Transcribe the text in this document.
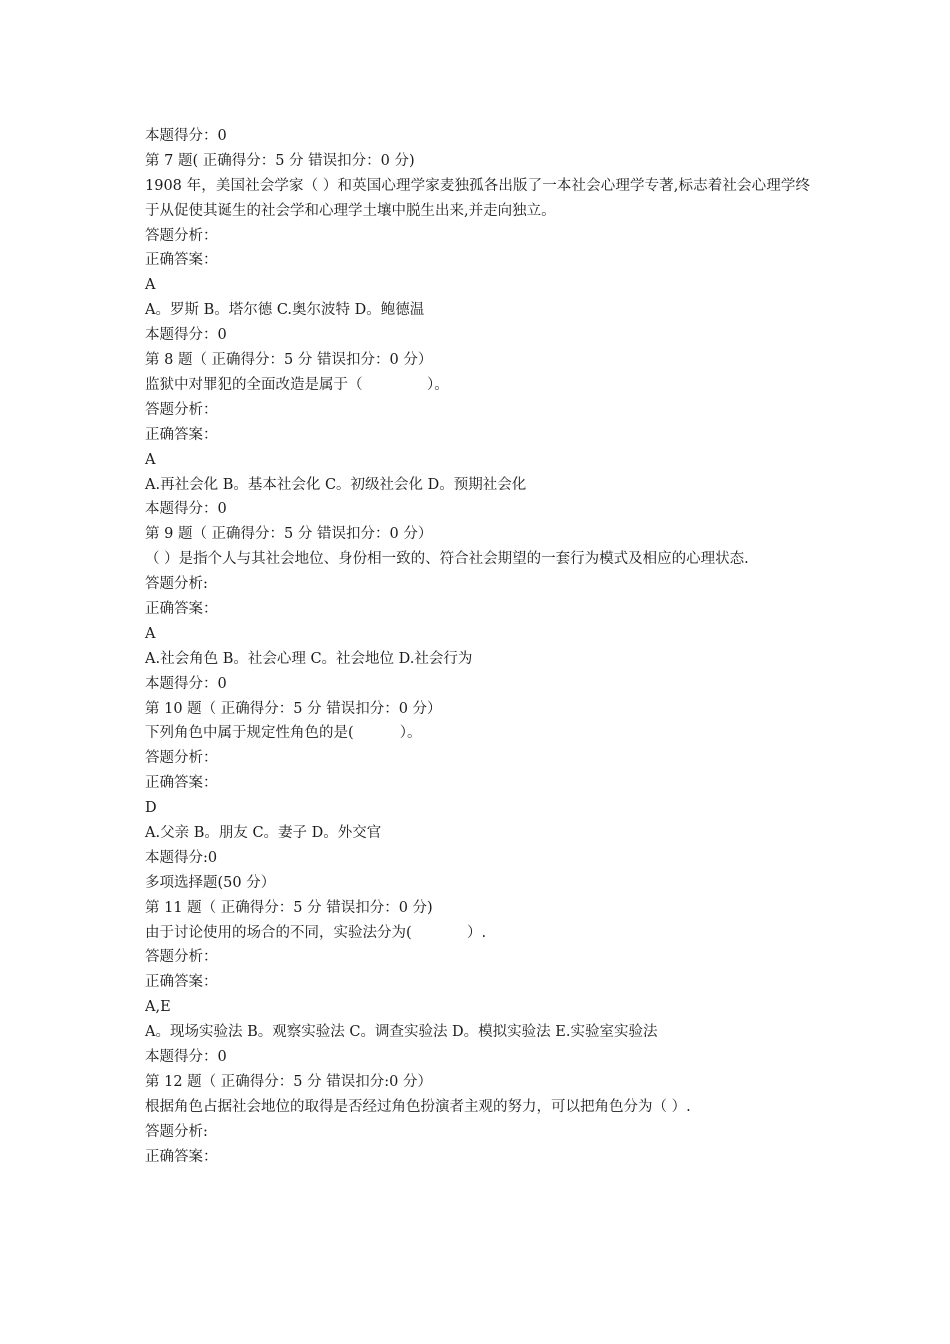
本题得分：0
第 7 题( 正确得分：5 分 错误扣分：0 分)
1908 年，美国社会学家（ ）和英国心理学家麦独孤各出版了一本社会心理学专著,标志着社会心理学终于从促使其诞生的社会学和心理学土壤中脱生出来,并走向独立。
答题分析：
正确答案：
A
A。罗斯 B。塔尔德 C.奥尔波特 D。鲍德温
本题得分：0
第 8 题（ 正确得分：5 分 错误扣分：0 分）
监狱中对罪犯的全面改造是属于（              ）。
答题分析：
正确答案：
A
A.再社会化 B。基本社会化 C。初级社会化 D。预期社会化
本题得分：0
第 9 题（ 正确得分：5 分 错误扣分：0 分）
（ ）是指个人与其社会地位、身份相一致的、符合社会期望的一套行为模式及相应的心理状态.
答题分析:
正确答案：
A
A.社会角色 B。社会心理 C。社会地位 D.社会行为
本题得分：0
第 10 题（ 正确得分：5 分 错误扣分：0 分）
下列角色中属于规定性角色的是(          ）。
答题分析：
正确答案：
D
A.父亲 B。朋友 C。妻子 D。外交官
本题得分:0
多项选择题(50 分）
第 11 题（ 正确得分：5 分 错误扣分：0 分)
由于讨论使用的场合的不同，实验法分为(            ）.
答题分析：
正确答案：
A,E
A。现场实验法 B。观察实验法 C。调查实验法 D。模拟实验法 E.实验室实验法
本题得分：0
第 12 题（ 正确得分：5 分 错误扣分:0 分）
根据角色占据社会地位的取得是否经过角色扮演者主观的努力，可以把角色分为（ ）.
答题分析:
正确答案：
